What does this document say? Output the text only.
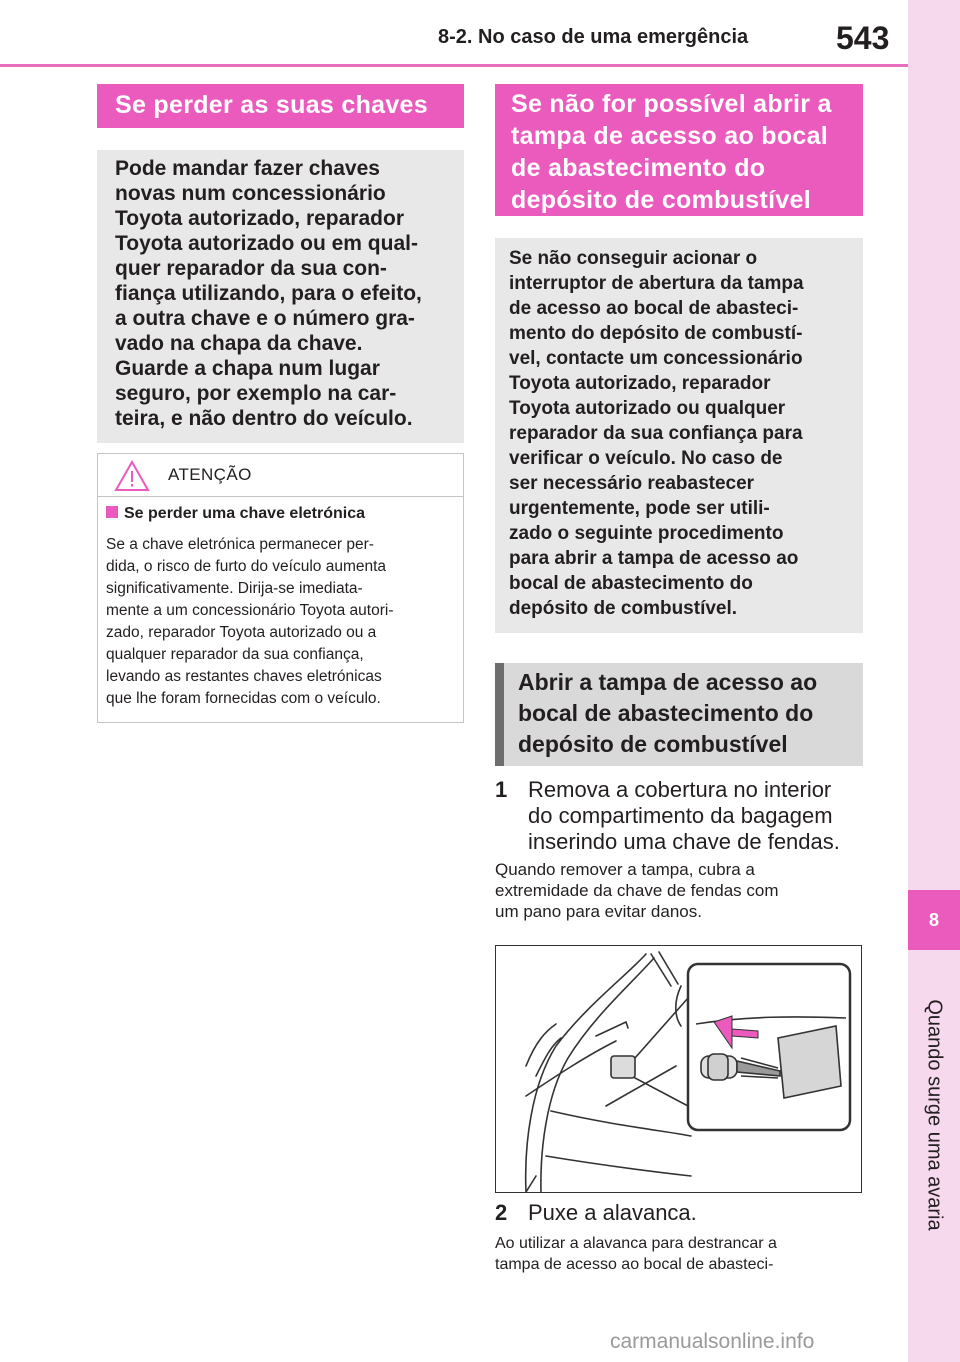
8-2. No caso de uma emergência	543
8
Quando surge uma avaria
Se perder as suas chaves
Pode mandar fazer chaves
novas num concessionário
Toyota autorizado, reparador
Toyota autorizado ou em qual-
quer reparador da sua con-
fiança utilizando, para o efeito,
a outra chave e o número gra-
vado na chapa da chave.
Guarde a chapa num lugar
seguro, por exemplo na car-
teira, e não dentro do veículo.
ATENÇÃO
Se perder uma chave eletrónica
Se a chave eletrónica permanecer per-
dida, o risco de furto do veículo aumenta
significativamente. Dirija-se imediata-
mente a um concessionário Toyota autori-
zado, reparador Toyota autorizado ou a
qualquer reparador da sua confiança,
levando as restantes chaves eletrónicas
que lhe foram fornecidas com o veículo.
Se não for possível abrir a
tampa de acesso ao bocal
de abastecimento do
depósito de combustível
Se não conseguir acionar o
interruptor de abertura da tampa
de acesso ao bocal de abasteci-
mento do depósito de combustí-
vel, contacte um concessionário
Toyota autorizado, reparador
Toyota autorizado ou qualquer
reparador da sua confiança para
verificar o veículo. No caso de
ser necessário reabastecer
urgentemente, pode ser utili-
zado o seguinte procedimento
para abrir a tampa de acesso ao
bocal de abastecimento do
depósito de combustível.
Abrir a tampa de acesso ao
bocal de abastecimento do
depósito de combustível
1 Remova a cobertura no interior
do compartimento da bagagem
inserindo uma chave de fendas.
Quando remover a tampa, cubra a
extremidade da chave de fendas com
um pano para evitar danos.
2 Puxe a alavanca.
Ao utilizar a alavanca para destrancar a
tampa de acesso ao bocal de abasteci-
carmanualsonline.info
